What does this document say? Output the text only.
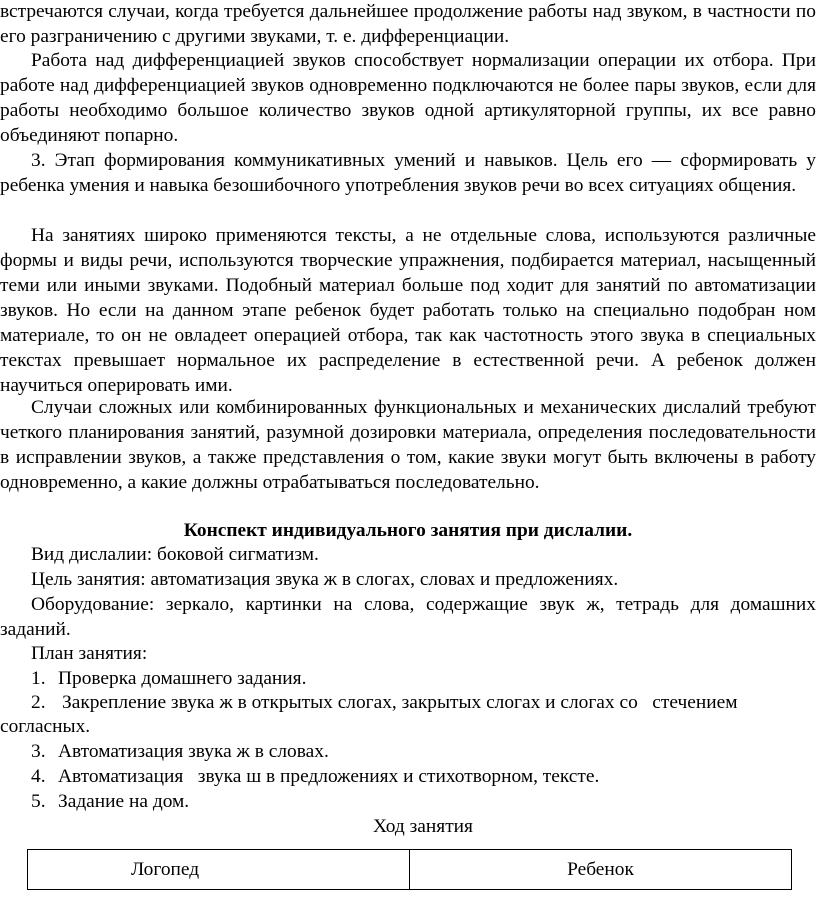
встречаются случаи, когда требуется дальнейшее продолжение работы над звуком, в частности по его разграничению с другими звуками, т. е. дифференциации.

Работа над дифференциацией звуков способствует нормализации операции их отбора. При работе над дифференциацией звуков одновременно подключаются не более пары звуков, если для работы необходимо большое количество звуков одной артикуляторной группы, их все равно объединяют попарно.

3. Этап формирования коммуникативных умений и навыков. Цель его — сформировать у ребенка умения и навыка безошибочного употребления звуков речи во всех ситуациях общения.

На занятиях широко применяются тексты, а не отдельные слова, используются различные формы и виды речи, используются творческие упражнения, подбирается материал, насыщенный теми или иными звуками. Подобный материал больше под ходит для занятий по автоматизации звуков. Но если на данном этапе ребенок будет работать только на специально подобран ном материале, то он не овладеет операцией отбора, так как частотность этого звука в специальных текстах превышает нормальное их распределение в естественной речи. А ребенок должен научиться оперировать ими.

Случаи сложных или комбинированных функциональных и механических дислалий требуют четкого планирования занятий, разумной дозировки материала, определения последовательности в исправлении звуков, а также представления о том, какие звуки могут быть включены в работу одновременно, а какие должны отрабатываться последовательно.

Конспект индивидуального занятия при дислалии.

Вид дислалии: боковой сигматизм.

Цель занятия: автоматизация звука ж в слогах, словах и предложениях.

Оборудование: зеркало, картинки на слова, содержащие звук ж, тетрадь для домашних заданий.

План занятия:

1. Проверка домашнего задания.

2. Закрепление звука ж в открытых слогах, закрытых слогах и слогах со   стечением

согласных.

3. Автоматизация звука ж в словах.

4. Автоматизация   звука ш в предложениях и стихотворном, тексте.

5. Задание на дом.

Ход занятия

Логопед	Ребенок
